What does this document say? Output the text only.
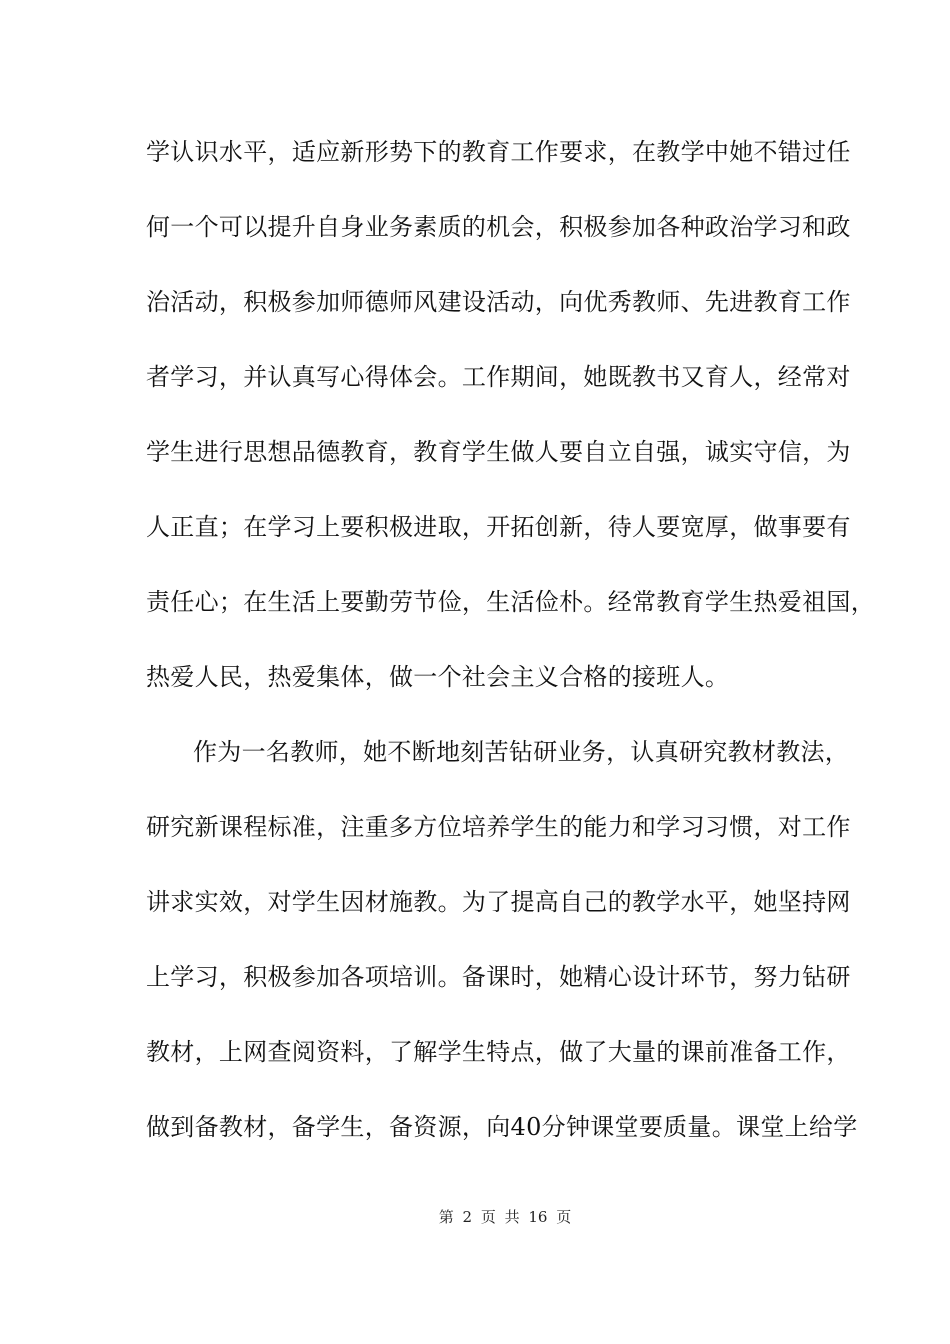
学认识水平，适应新形势下的教育工作要求，在教学中她不错过任
何一个可以提升自身业务素质的机会，积极参加各种政治学习和政
治活动，积极参加师德师风建设活动，向优秀教师、先进教育工作
者学习，并认真写心得体会。工作期间，她既教书又育人，经常对
学生进行思想品德教育，教育学生做人要自立自强，诚实守信，为
人正直；在学习上要积极进取，开拓创新，待人要宽厚，做事要有
责任心；在生活上要勤劳节俭，生活俭朴。经常教育学生热爱祖国，
热爱人民，热爱集体，做一个社会主义合格的接班人。
作为一名教师，她不断地刻苦钻研业务，认真研究教材教法，
研究新课程标准，注重多方位培养学生的能力和学习习惯，对工作
讲求实效，对学生因材施教。为了提高自己的教学水平，她坚持网
上学习，积极参加各项培训。备课时，她精心设计环节，努力钻研
教材，上网查阅资料，了解学生特点，做了大量的课前准备工作，
做到备教材，备学生，备资源，向40分钟课堂要质量。课堂上给学
第 2 页 共 16 页
